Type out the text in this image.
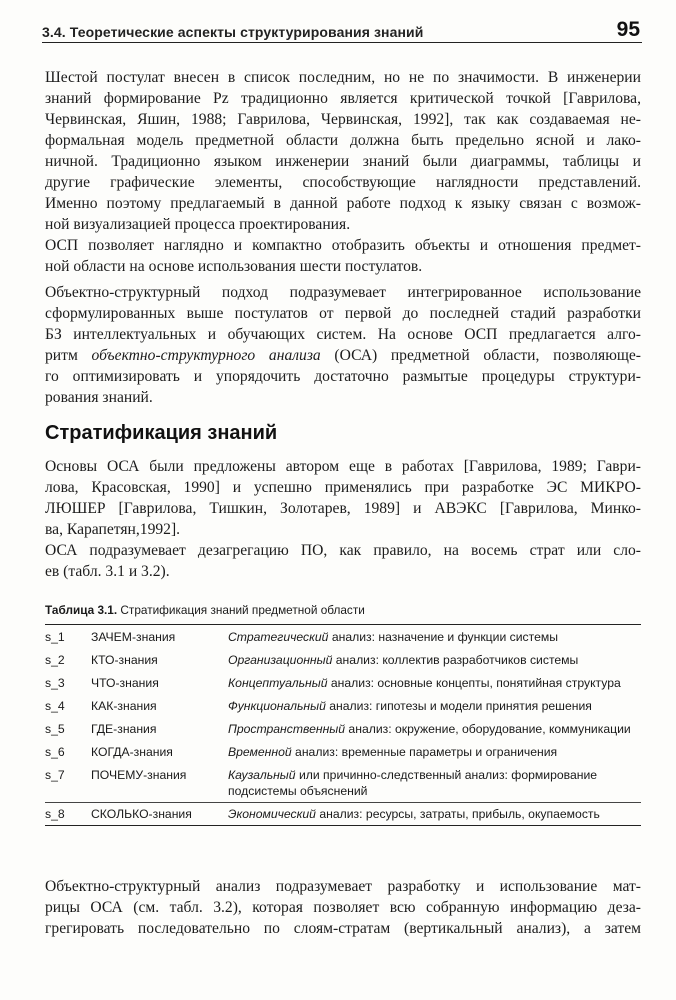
3.4. Теоретические аспекты структурирования знаний	95
Шестой постулат внесен в список последним, но не по значимости. В инженерии
знаний формирование Pz традиционно является критической точкой [Гаврилова,
Червинская, Яшин, 1988; Гаврилова, Червинская, 1992], так как создаваемая не-
формальная модель предметной области должна быть предельно ясной и лако-
ничной. Традиционно языком инженерии знаний были диаграммы, таблицы и
другие графические элементы, способствующие наглядности представлений.
Именно поэтому предлагаемый в данной работе подход к языку связан с возмож-
ной визуализацией процесса проектирования.
ОСП позволяет наглядно и компактно отобразить объекты и отношения предмет-
ной области на основе использования шести постулатов.
Объектно-структурный подход подразумевает интегрированное использование
сформулированных выше постулатов от первой до последней стадий разработки
БЗ интеллектуальных и обучающих систем. На основе ОСП предлагается алго-
ритм объектно-структурного анализа (ОСА) предметной области, позволяюще-
го оптимизировать и упорядочить достаточно размытые процедуры структури-
рования знаний.
Стратификация знаний
Основы ОСА были предложены автором еще в работах [Гаврилова, 1989; Гаври-
лова, Красовская, 1990] и успешно применялись при разработке ЭС МИКРО-
ЛЮШЕР [Гаврилова, Тишкин, Золотарев, 1989] и АВЭКС [Гаврилова, Минко-
ва, Карапетян,1992].
ОСА подразумевает дезагрегацию ПО, как правило, на восемь страт или сло-
ев (табл. 3.1 и 3.2).
Таблица 3.1. Стратификация знаний предметной области
s_1	ЗАЧЕМ-знания	Стратегический анализ: назначение и функции системы
s_2	КТО-знания	Организационный анализ: коллектив разработчиков системы
s_3	ЧТО-знания	Концептуальный анализ: основные концепты, понятийная структура
s_4	КАК-знания	Функциональный анализ: гипотезы и модели принятия решения
s_5	ГДЕ-знания	Пространственный анализ: окружение, оборудование, коммуникации
s_6	КОГДА-знания	Временной анализ: временные параметры и ограничения
s_7	ПОЧЕМУ-знания	Каузальный или причинно-следственный анализ: формирование подсистемы объяснений
s_8	СКОЛЬКО-знания	Экономический анализ: ресурсы, затраты, прибыль, окупаемость
Объектно-структурный анализ подразумевает разработку и использование мат-
рицы ОСА (см. табл. 3.2), которая позволяет всю собранную информацию деза-
грегировать последовательно по слоям-стратам (вертикальный анализ), а затем
